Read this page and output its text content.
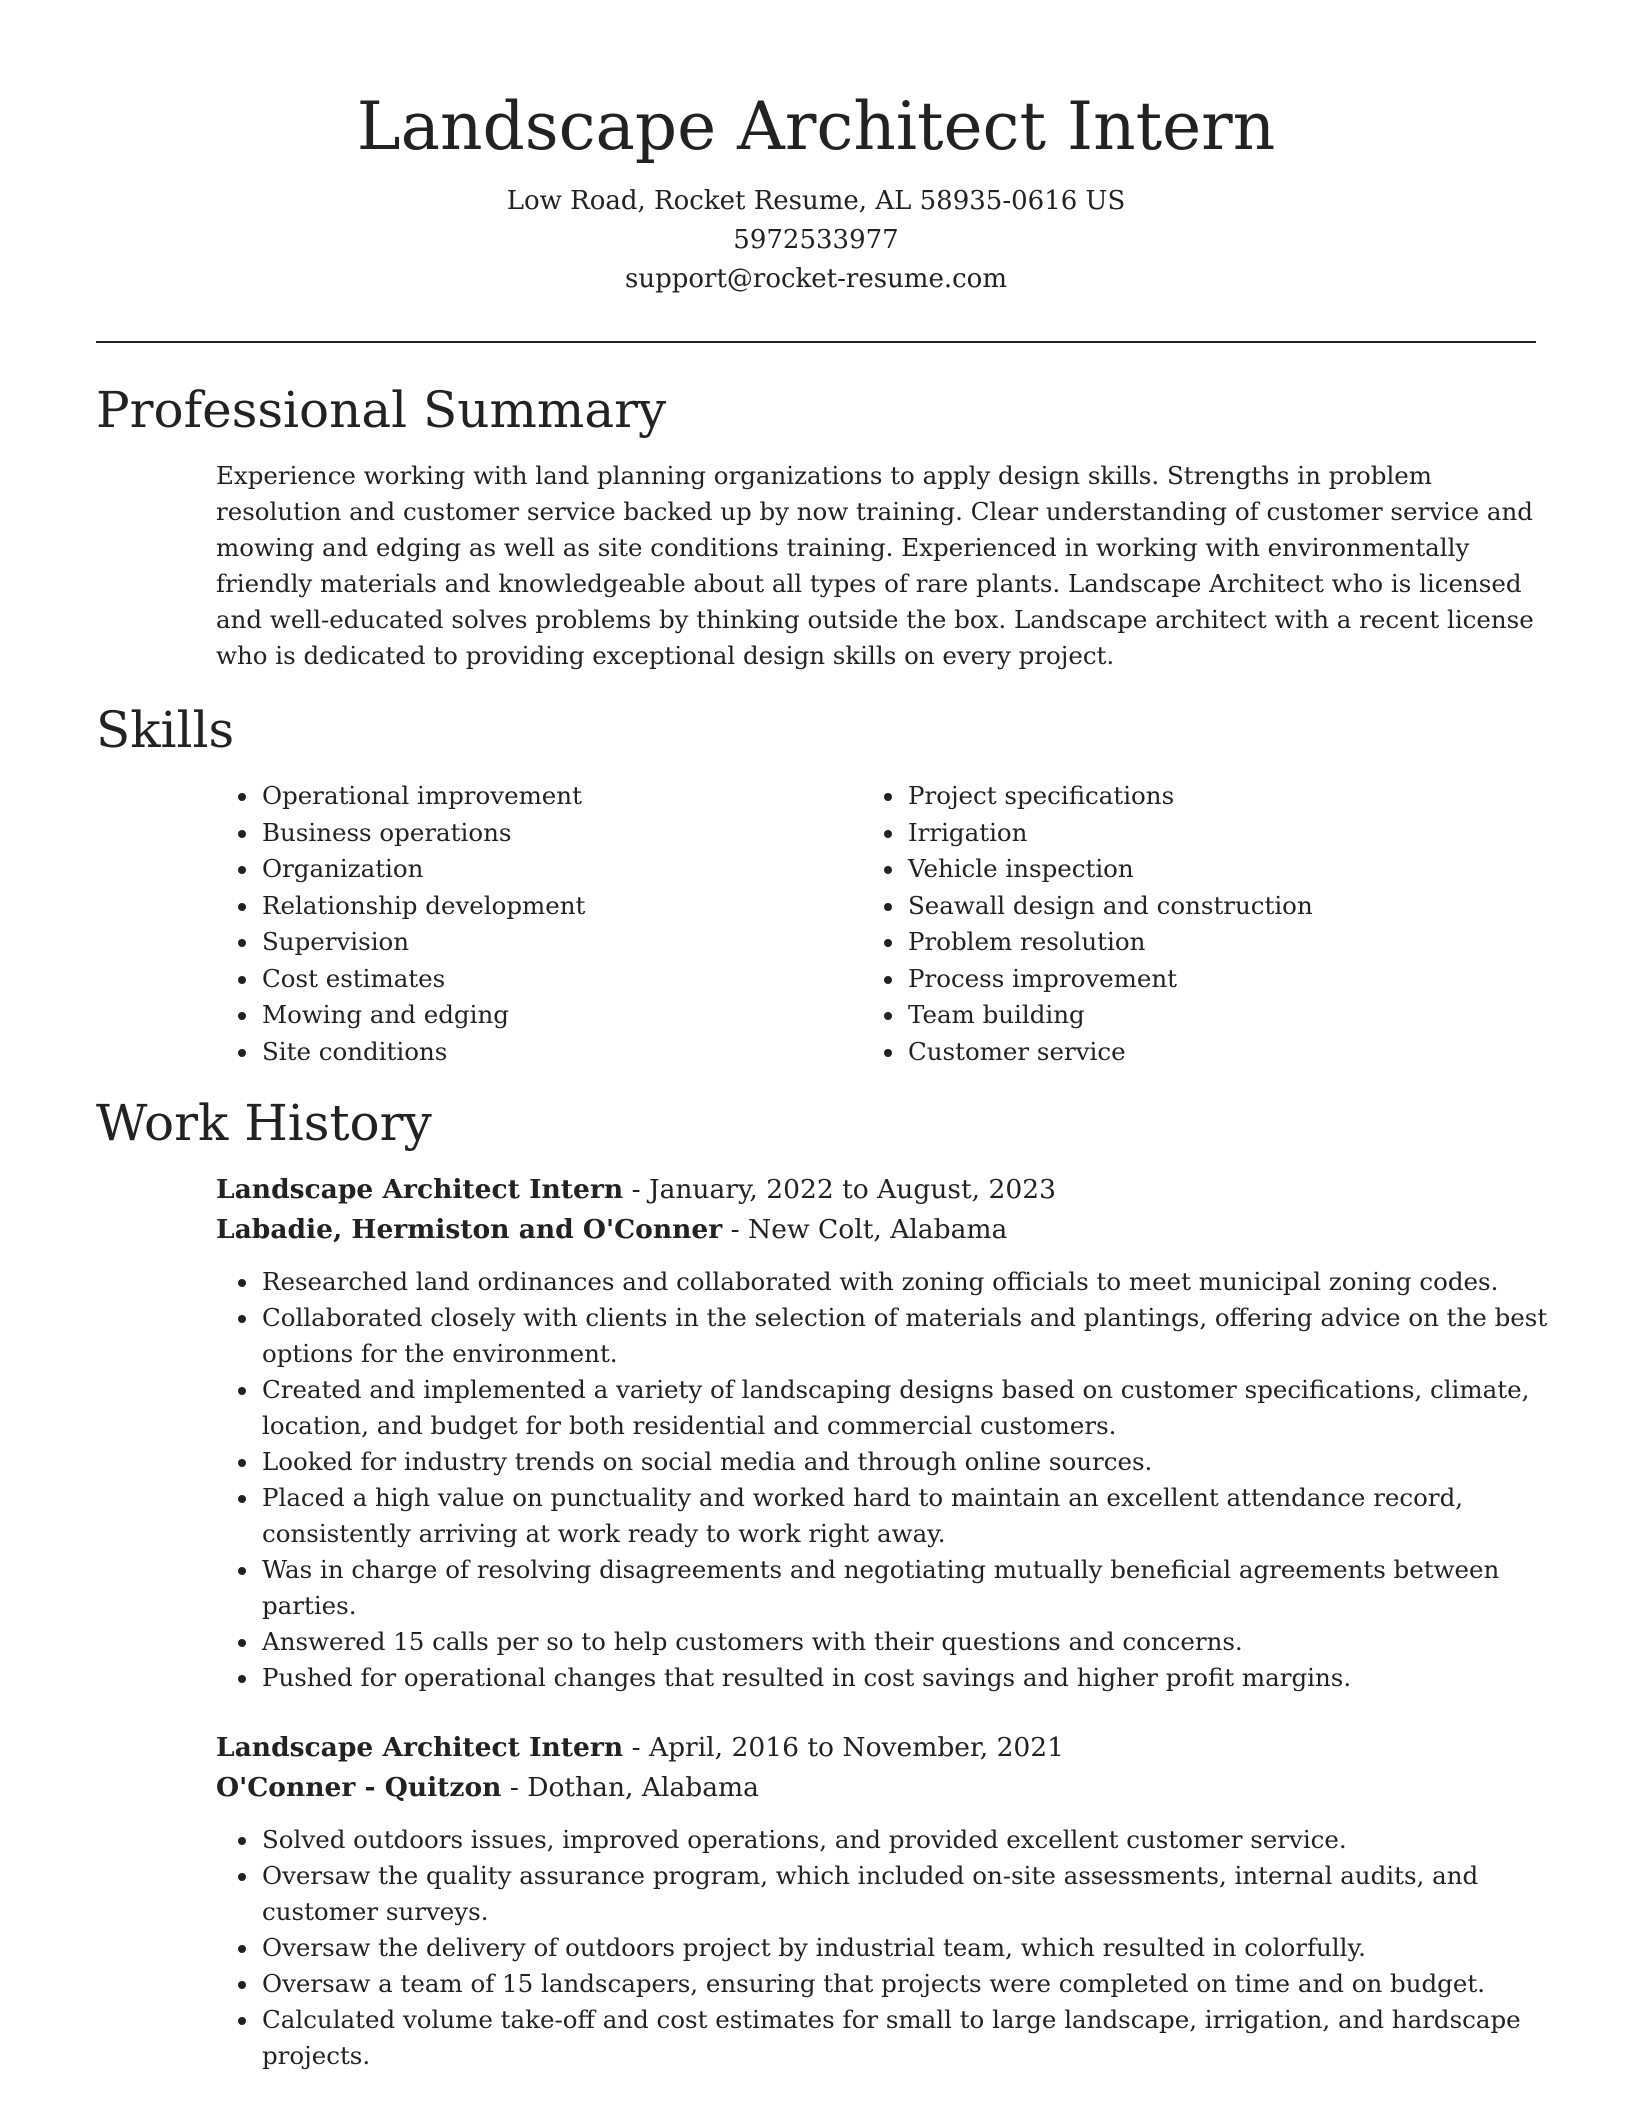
Landscape Architect Intern
Low Road, Rocket Resume, AL 58935-0616 US
5972533977
support@rocket-resume.com
Professional Summary

Experience working with land planning organizations to apply design skills. Strengths in problem resolution and customer service backed up by now training. Clear understanding of customer service and mowing and edging as well as site conditions training. Experienced in working with environmentally friendly materials and knowledgeable about all types of rare plants. Landscape Architect who is licensed and well-educated solves problems by thinking outside the box. Landscape architect with a recent license who is dedicated to providing exceptional design skills on every project.

Skills
• Operational improvement
• Business operations
• Organization
• Relationship development
• Supervision
• Cost estimates
• Mowing and edging
• Site conditions
• Project specifications
• Irrigation
• Vehicle inspection
• Seawall design and construction
• Problem resolution
• Process improvement
• Team building
• Customer service
Work History
Landscape Architect Intern - January, 2022 to August, 2023
Labadie, Hermiston and O'Conner - New Colt, Alabama
• Researched land ordinances and collaborated with zoning officials to meet municipal zoning codes.
• Collaborated closely with clients in the selection of materials and plantings, offering advice on the best options for the environment.
• Created and implemented a variety of landscaping designs based on customer specifications, climate, location, and budget for both residential and commercial customers.
• Looked for industry trends on social media and through online sources.
• Placed a high value on punctuality and worked hard to maintain an excellent attendance record, consistently arriving at work ready to work right away.
• Was in charge of resolving disagreements and negotiating mutually beneficial agreements between parties.
• Answered 15 calls per so to help customers with their questions and concerns.
• Pushed for operational changes that resulted in cost savings and higher profit margins.
Landscape Architect Intern - April, 2016 to November, 2021
O'Conner - Quitzon - Dothan, Alabama
• Solved outdoors issues, improved operations, and provided excellent customer service.
• Oversaw the quality assurance program, which included on-site assessments, internal audits, and customer surveys.
• Oversaw the delivery of outdoors project by industrial team, which resulted in colorfully.
• Oversaw a team of 15 landscapers, ensuring that projects were completed on time and on budget.
• Calculated volume take-off and cost estimates for small to large landscape, irrigation, and hardscape projects.
